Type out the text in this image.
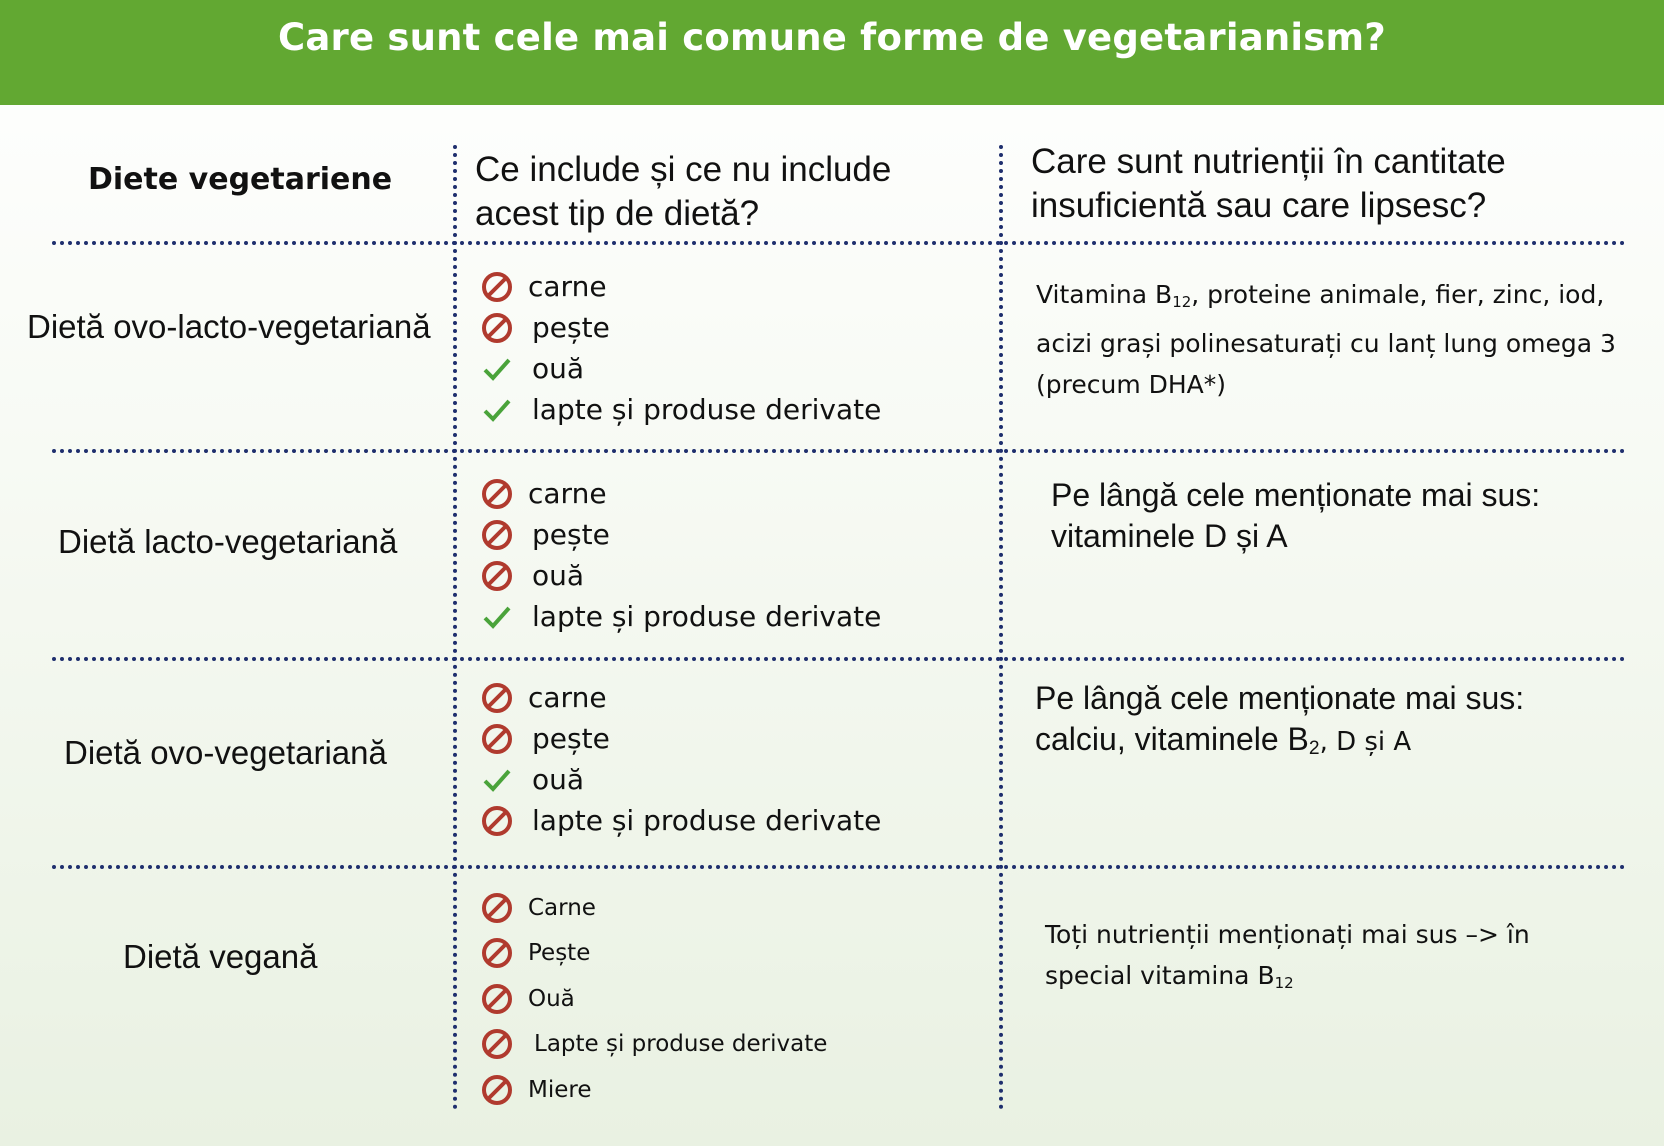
Care sunt cele mai comune forme de vegetarianism?
Diete vegetariene Ce include și ce nu include
acest tip de dietă?
Care sunt nutrienții în cantitate
insuficientă sau care lipsesc?
Dietă ovo-lacto-vegetariană
carne
pește
ouă
lapte și produse derivate
Vitamina $B_{12}$, proteine animale, fier, zinc, iod,
acizi grași polinesaturați cu lanț lung omega 3
(precum DHA*)
Dietă lacto-vegetariană
carne
pește
ouă
lapte și produse derivate
Pe lângă cele menționate mai sus:
vitaminele D și A
Dietă ovo-vegetariană
carne
pește
ouă
lapte și produse derivate
Pe lângă cele menționate mai sus:
calciu, vitaminele $B_2$, D și A
Dietă vegană
Carne
Pește
Ouă
Lapte și produse derivate
Miere
Toți nutrienții menționați mai sus –> în
special vitamina $B_{12}$
